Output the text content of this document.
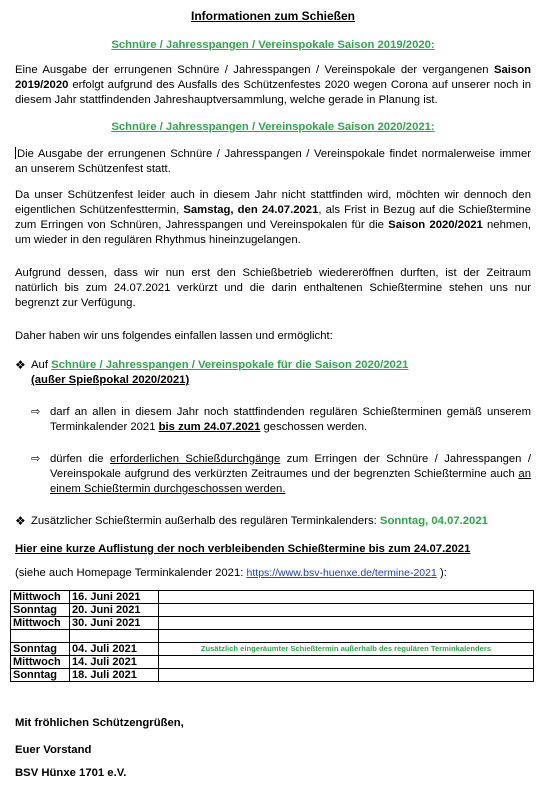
Informationen zum Schießen
Schnüre / Jahresspangen / Vereinspokale Saison 2019/2020:

Eine Ausgabe der errungenen Schnüre / Jahresspangen / Vereinspokale der vergangenen Saison 2019/2020 erfolgt aufgrund des Ausfalls des Schützenfestes 2020 wegen Corona auf unserer noch in diesem Jahr stattfindenden Jahreshauptversammlung, welche gerade in Planung ist.

Schnüre / Jahresspangen / Vereinspokale Saison 2020/2021:

Die Ausgabe der errungenen Schnüre / Jahresspangen / Vereinspokale findet normalerweise immer an unserem Schützenfest statt.

Da unser Schützenfest leider auch in diesem Jahr nicht stattfinden wird, möchten wir dennoch den eigentlichen Schützenfesttermin, Samstag, den 24.07.2021, als Frist in Bezug auf die Schießtermine zum Erringen von Schnüren, Jahresspangen und Vereinspokalen für die Saison 2020/2021 nehmen, um wieder in den regulären Rhythmus hineinzugelangen.

Aufgrund dessen, dass wir nun erst den Schießbetrieb wiedereröffnen durften, ist der Zeitraum natürlich bis zum 24.07.2021 verkürzt und die darin enthaltenen Schießtermine stehen uns nur begrenzt zur Verfügung.

Daher haben wir uns folgendes einfallen lassen und ermöglicht:

❖ Auf Schnüre / Jahresspangen / Vereinspokale für die Saison 2020/2021
(außer Spießpokal 2020/2021)
⇨ darf an allen in diesem Jahr noch stattfindenden regulären Schießterminen gemäß unserem Terminkalender 2021 bis zum 24.07.2021 geschossen werden.

⇨ dürfen die erforderlichen Schießdurchgänge zum Erringen der Schnüre / Jahresspangen / Vereinspokale aufgrund des verkürzten Zeitraumes und der begrenzten Schießtermine auch an einem Schießtermin durchgeschossen werden.

❖ Zusätzlicher Schießtermin außerhalb des regulären Terminkalenders: Sonntag, 04.07.2021
Hier eine kurze Auflistung der noch verbleibenden Schießtermine bis zum 24.07.2021
(siehe auch Homepage Terminkalender 2021: https://www.bsv-huenxe.de/termine-2021 ):
Mittwoch	16. Juni 2021	
Sonntag	20. Juni 2021	
Mittwoch	30. Juni 2021	

Sonntag	04. Juli 2021	Zusätzlich eingeräumter Schießtermin außerhalb des regulären Terminkalenders
Mittwoch	14. Juli 2021	
Sonntag	18. Juli 2021	
Mit fröhlichen Schützengrüßen,
Euer Vorstand
BSV Hünxe 1701 e.V.
